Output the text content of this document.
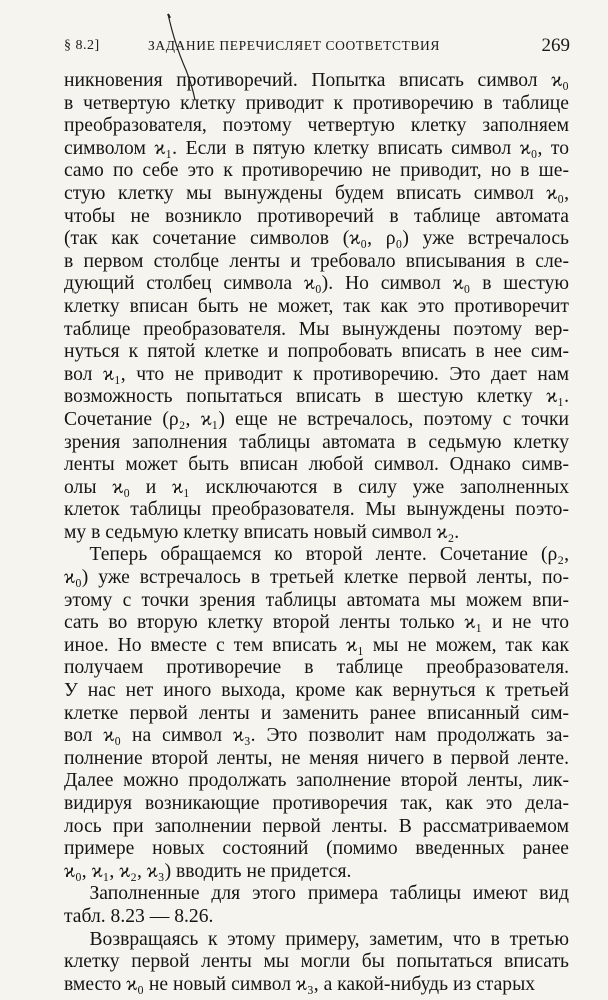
§ 8.2]	ЗАДАНИЕ ПЕРЕЧИСЛЯЕТ СООТВЕТСТВИЯ	269
никновения противоречий. Попытка вписать символ ϰ₀
в четвертую клетку приводит к противоречию в таблице
преобразователя, поэтому четвертую клетку заполняем
символом ϰ₁. Если в пятую клетку вписать символ ϰ₀, то
само по себе это к противоречию не приводит, но в ше-
стую клетку мы вынуждены будем вписать символ ϰ₀,
чтобы не возникло противоречий в таблице автомата
(так как сочетание символов (ϰ₀, ρ₀) уже встречалось
в первом столбце ленты и требовало вписывания в сле-
дующий столбец символа ϰ₀). Но символ ϰ₀ в шестую
клетку вписан быть не может, так как это противоречит
таблице преобразователя. Мы вынуждены поэтому вер-
нуться к пятой клетке и попробовать вписать в нее сим-
вол ϰ₁, что не приводит к противоречию. Это дает нам
возможность попытаться вписать в шестую клетку ϰ₁.
Сочетание (ρ₂, ϰ₁) еще не встречалось, поэтому с точки
зрения заполнения таблицы автомата в седьмую клетку
ленты может быть вписан любой символ. Однако симв-
олы ϰ₀ и ϰ₁ исключаются в силу уже заполненных
клеток таблицы преобразователя. Мы вынуждены поэто-
му в седьмую клетку вписать новый символ ϰ₂.
Теперь обращаемся ко второй ленте. Сочетание (ρ₂,
ϰ₀) уже встречалось в третьей клетке первой ленты, по-
этому с точки зрения таблицы автомата мы можем впи-
сать во вторую клетку второй ленты только ϰ₁ и не что
иное. Но вместе с тем вписать ϰ₁ мы не можем, так как
получаем противоречие в таблице преобразователя.
У нас нет иного выхода, кроме как вернуться к третьей
клетке первой ленты и заменить ранее вписанный сим-
вол ϰ₀ на символ ϰ₃. Это позволит нам продолжать за-
полнение второй ленты, не меняя ничего в первой ленте.
Далее можно продолжать заполнение второй ленты, лик-
видируя возникающие противоречия так, как это дела-
лось при заполнении первой ленты. В рассматриваемом
примере новых состояний (помимо введенных ранее
ϰ₀, ϰ₁, ϰ₂, ϰ₃) вводить не придется.
Заполненные для этого примера таблицы имеют вид
табл. 8.23 — 8.26.
Возвращаясь к этому примеру, заметим, что в третью
клетку первой ленты мы могли бы попытаться вписать
вместо ϰ₀ не новый символ ϰ₃, а какой-нибудь из старых
